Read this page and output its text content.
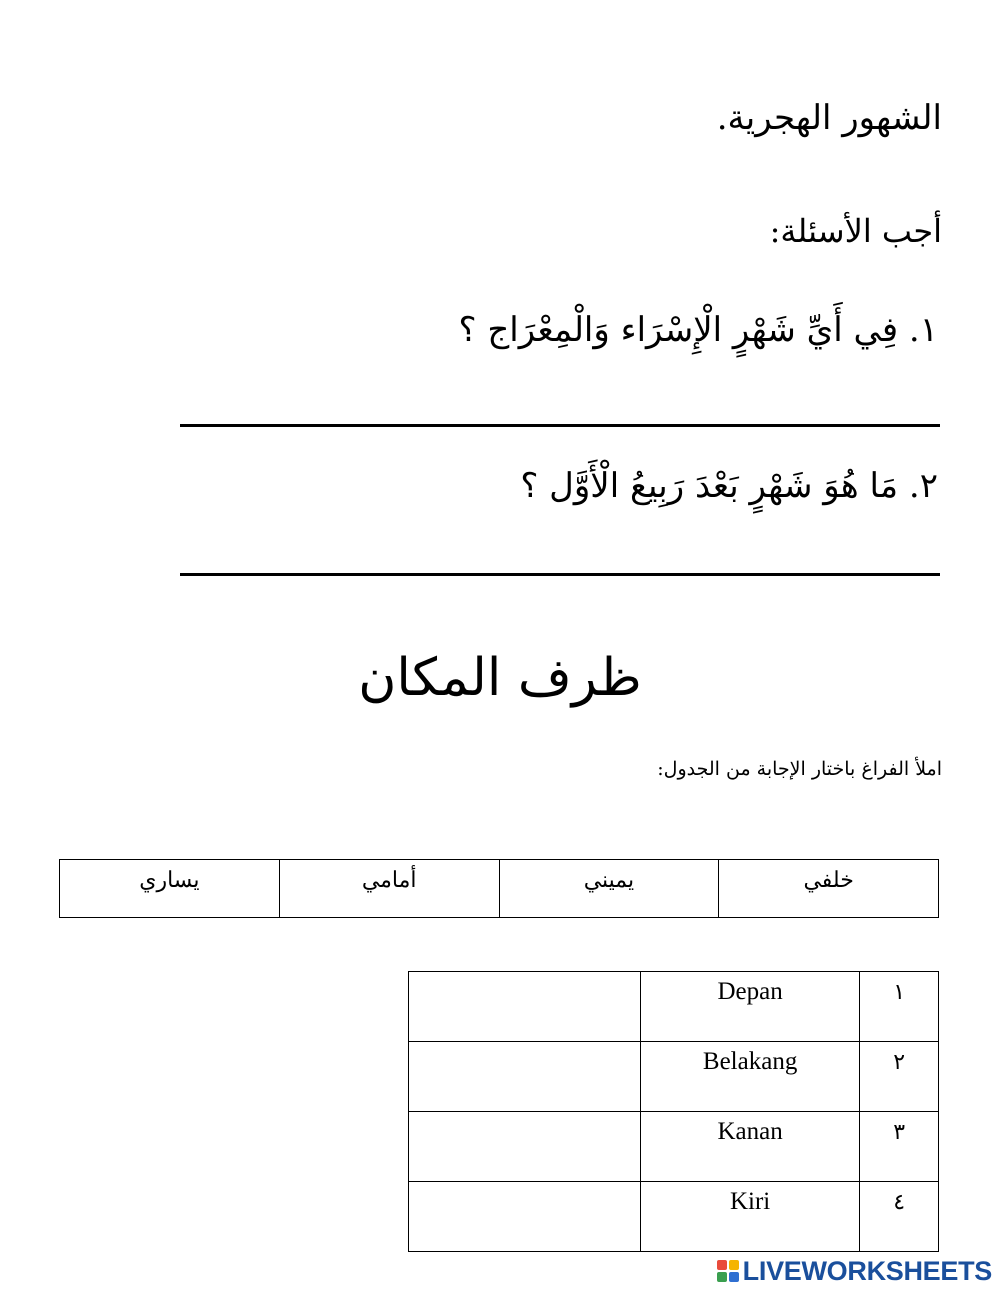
الشهور الهجرية.
أجب الأسئلة:
١. فِي أَيِّ شَهْرٍ الْإِسْرَاء وَالْمِعْرَاج ؟
٢. مَا هُوَ شَهْرٍ بَعْدَ رَبِيعُ الْأَوَّل ؟
ظرف المكان
املأ الفراغ باختار الإجابة من الجدول:
خلفي	يميني	أمامي	يساري
١	Depan	
٢	Belakang	
٣	Kanan	
٤	Kiri	
LIVEWORKSHEETS
